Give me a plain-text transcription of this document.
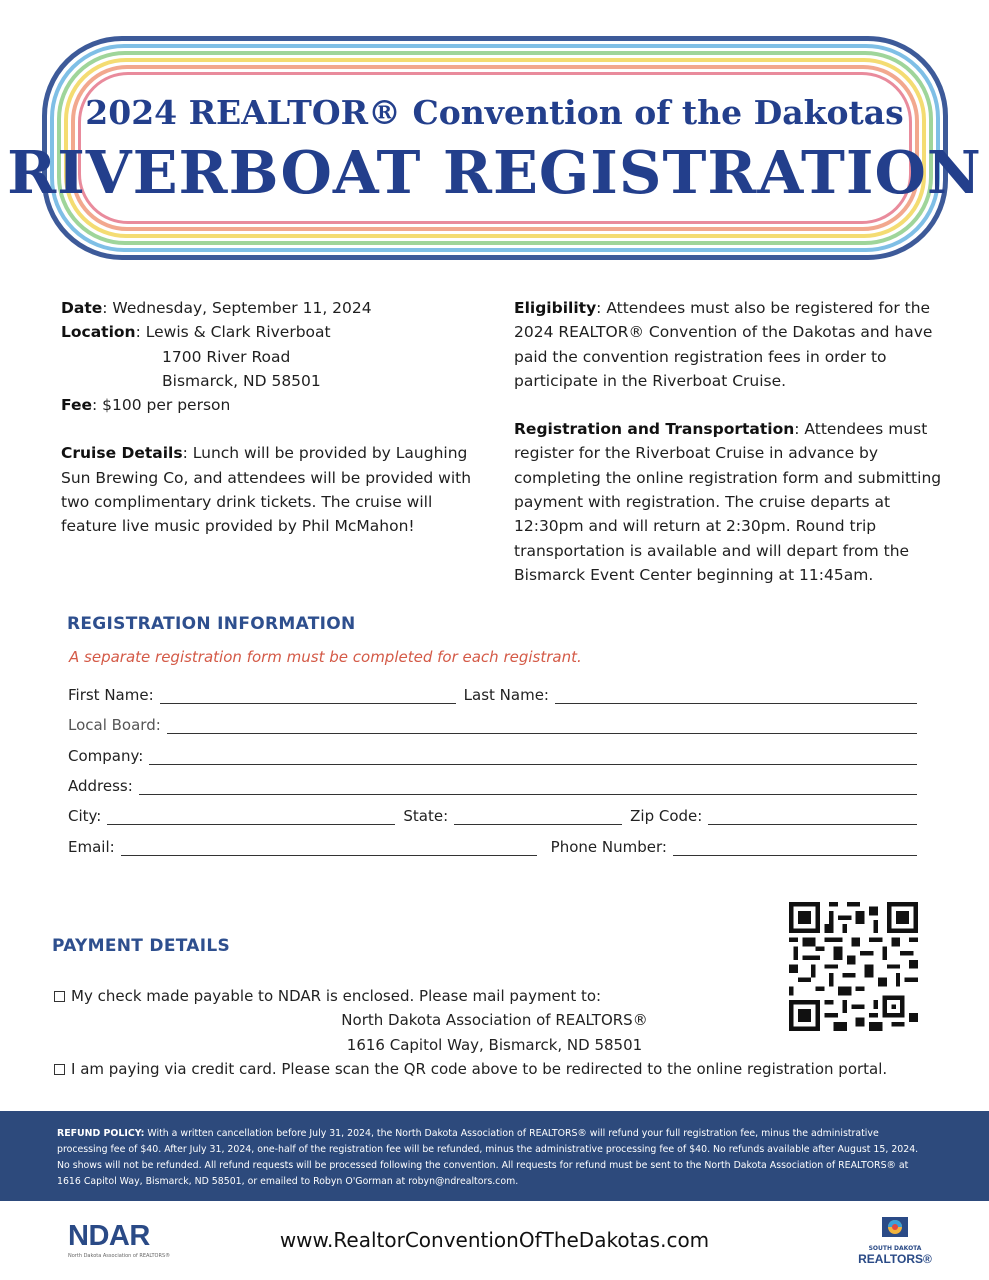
2024 REALTOR® Convention of the Dakotas
RIVERBOAT REGISTRATION
Date: Wednesday, September 11, 2024
Location: Lewis & Clark Riverboat
1700 River Road
Bismarck, ND 58501

Fee: $100 per person

Cruise Details: Lunch will be provided by Laughing Sun Brewing Co, and attendees will be provided with two complimentary drink tickets. The cruise will feature live music provided by Phil McMahon!

Eligibility: Attendees must also be registered for the 2024 REALTOR® Convention of the Dakotas and have paid the convention registration fees in order to participate in the Riverboat Cruise.

Registration and Transportation: Attendees must register for the Riverboat Cruise in advance by completing the online registration form and submitting payment with registration. The cruise departs at 12:30pm and will return at 2:30pm. Round trip transportation is available and will depart from the Bismarck Event Center beginning at 11:45am.

REGISTRATION INFORMATION
A separate registration form must be completed for each registrant.
First Name:	Last Name:
Local Board:
Company:
Address:
City:	State:	Zip Code:
Email:	Phone Number:
PAYMENT DETAILS
My check made payable to NDAR is enclosed. Please mail payment to:
North Dakota Association of REALTORS®
1616 Capitol Way, Bismarck, ND 58501
I am paying via credit card. Please scan the QR code above to be redirected to the online registration portal.
REFUND POLICY: With a written cancellation before July 31, 2024, the North Dakota Association of REALTORS® will refund your full registration fee, minus the administrative processing fee of $40. After July 31, 2024, one-half of the registration fee will be refunded, minus the administrative processing fee of $40. No refunds available after August 15, 2024. No shows will not be refunded. All refund requests will be processed following the convention. All requests for refund must be sent to the North Dakota Association of REALTORS® at 1616 Capitol Way, Bismarck, ND 58501, or emailed to Robyn O'Gorman at robyn@ndrealtors.com.
NDAR
North Dakota Association of REALTORS®
www.RealtorConventionOfTheDakotas.com	SOUTH DAKOTA
REALTORS®
